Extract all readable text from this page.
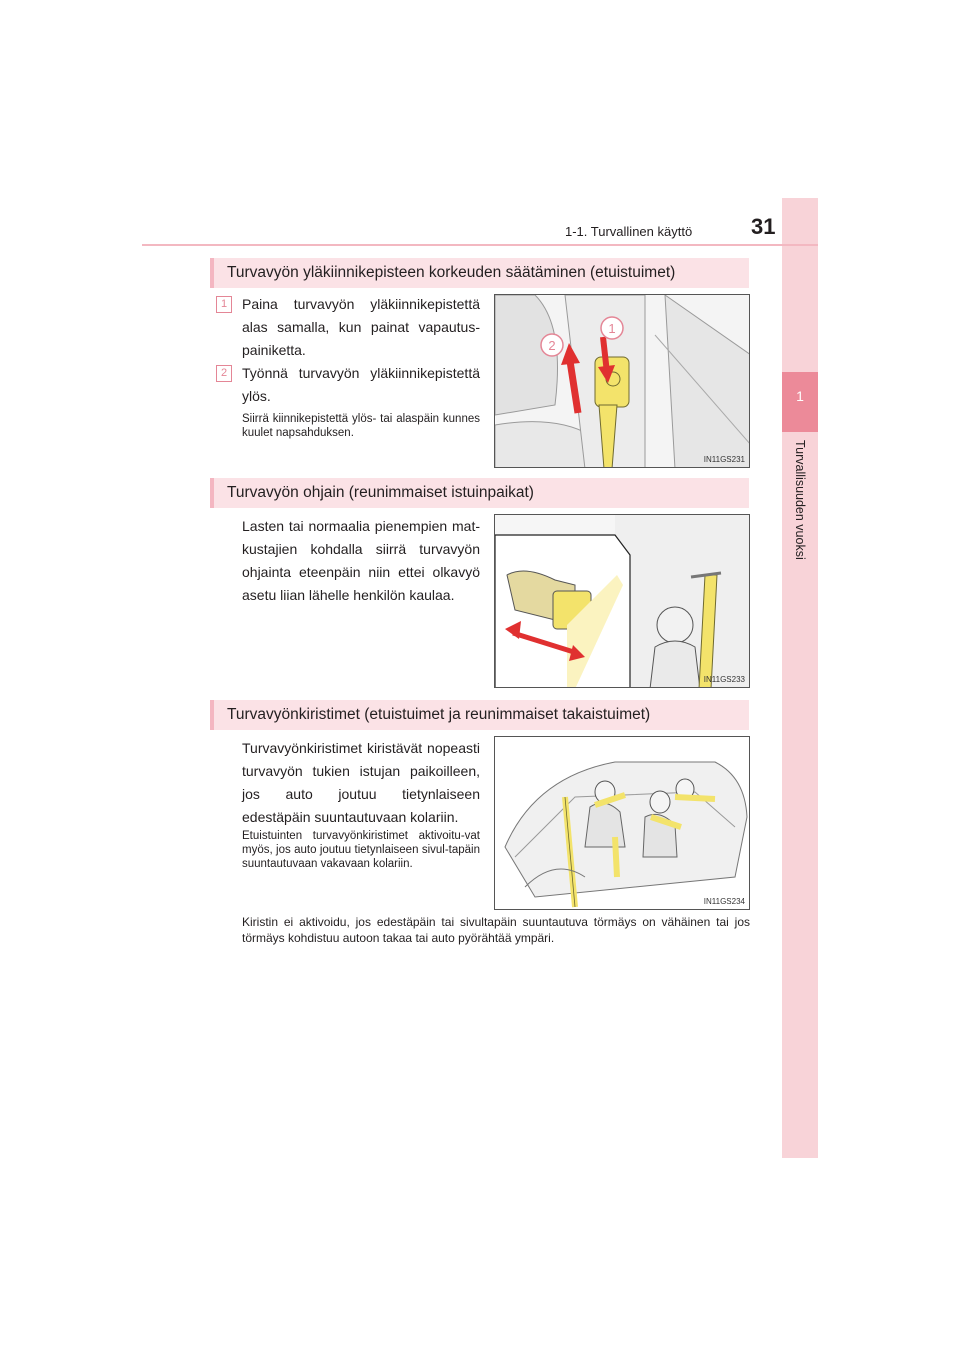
1
Turvallisuuden vuoksi
1-1. Turvallinen käyttö	31
Turvavyön yläkiinnikepisteen korkeuden säätäminen (etuistuimet)
1	Paina turvavyön yläkiinnikepistettä alas samalla, kun painat vapautus-painiketta.
2	Työnnä turvavyön yläkiinnikepistettä ylös.
Siirrä kiinnikepistettä ylös- tai alaspäin kunnes kuulet napsahduksen.
1
2
IN11GS231
Turvavyön ohjain (reunimmaiset istuinpaikat)
Lasten tai normaalia pienempien mat-kustajien kohdalla siirrä turvavyön ohjainta eteenpäin niin ettei olkavyö asetu liian lähelle henkilön kaulaa.
IN11GS233
Turvavyönkiristimet (etuistuimet ja reunimmaiset takaistuimet)
Turvavyönkiristimet kiristävät nopeasti turvavyön tukien istujan paikoilleen, jos auto joutuu tietynlaiseen edestäpäin suuntautuvaan kolariin.
Etuistuinten turvavyönkiristimet aktivoitu-vat myös, jos auto joutuu tietynlaiseen sivul-tapäin suuntautuvaan vakavaan kolariin.
IN11GS234
Kiristin ei aktivoidu, jos edestäpäin tai sivultapäin suuntautuva törmäys on vähäinen tai jos törmäys kohdistuu autoon takaa tai auto pyörähtää ympäri.
